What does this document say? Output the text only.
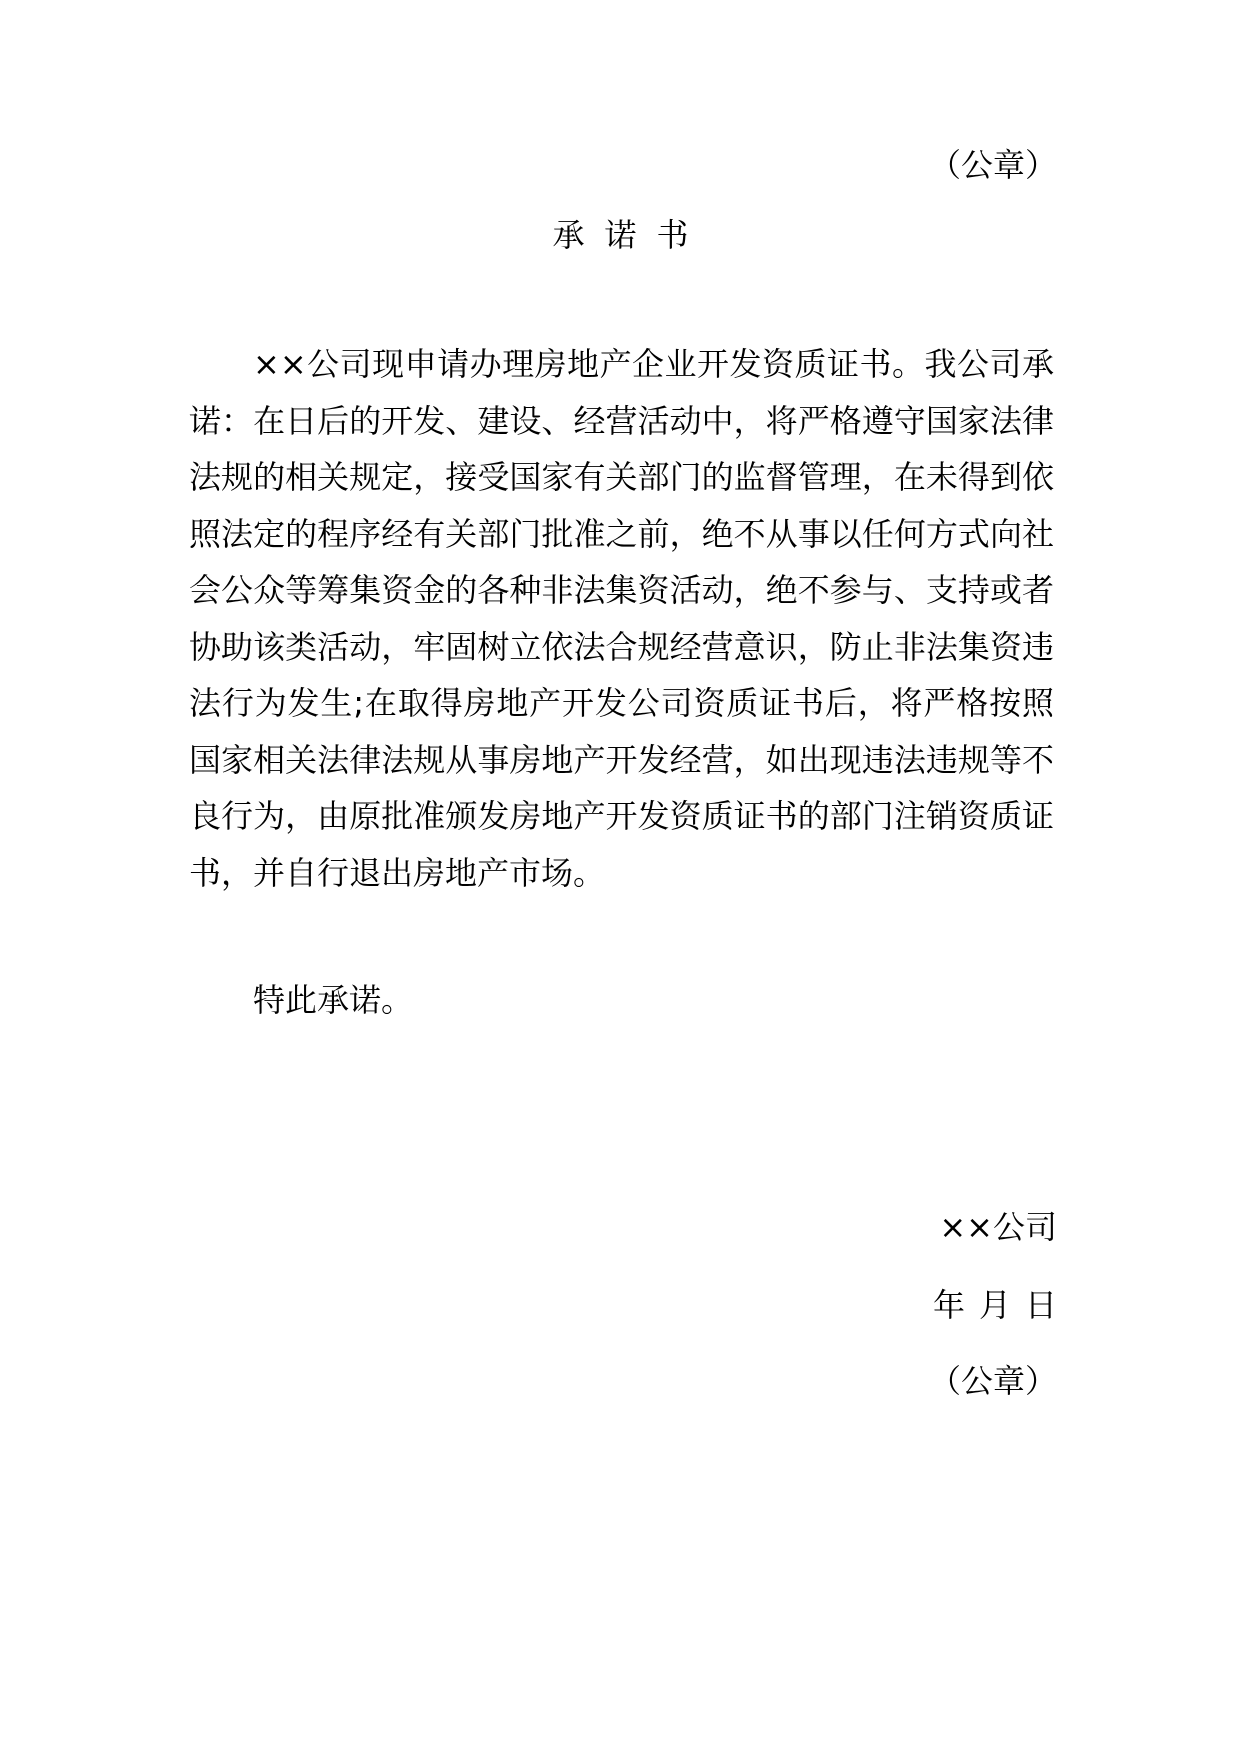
（公章）
承诺书

××公司现申请办理房地产企业开发资质证书。我公司承诺：在日后的开发、建设、经营活动中，将严格遵守国家法律法规的相关规定，接受国家有关部门的监督管理，在未得到依照法定的程序经有关部门批准之前，绝不从事以任何方式向社会公众等筹集资金的各种非法集资活动，绝不参与、支持或者协助该类活动，牢固树立依法合规经营意识，防止非法集资违法行为发生;在取得房地产开发公司资质证书后，将严格按照国家相关法律法规从事房地产开发经营，如出现违法违规等不良行为，由原批准颁发房地产开发资质证书的部门注销资质证书，并自行退出房地产市场。

特此承诺。

××公司
年月日
（公章）
